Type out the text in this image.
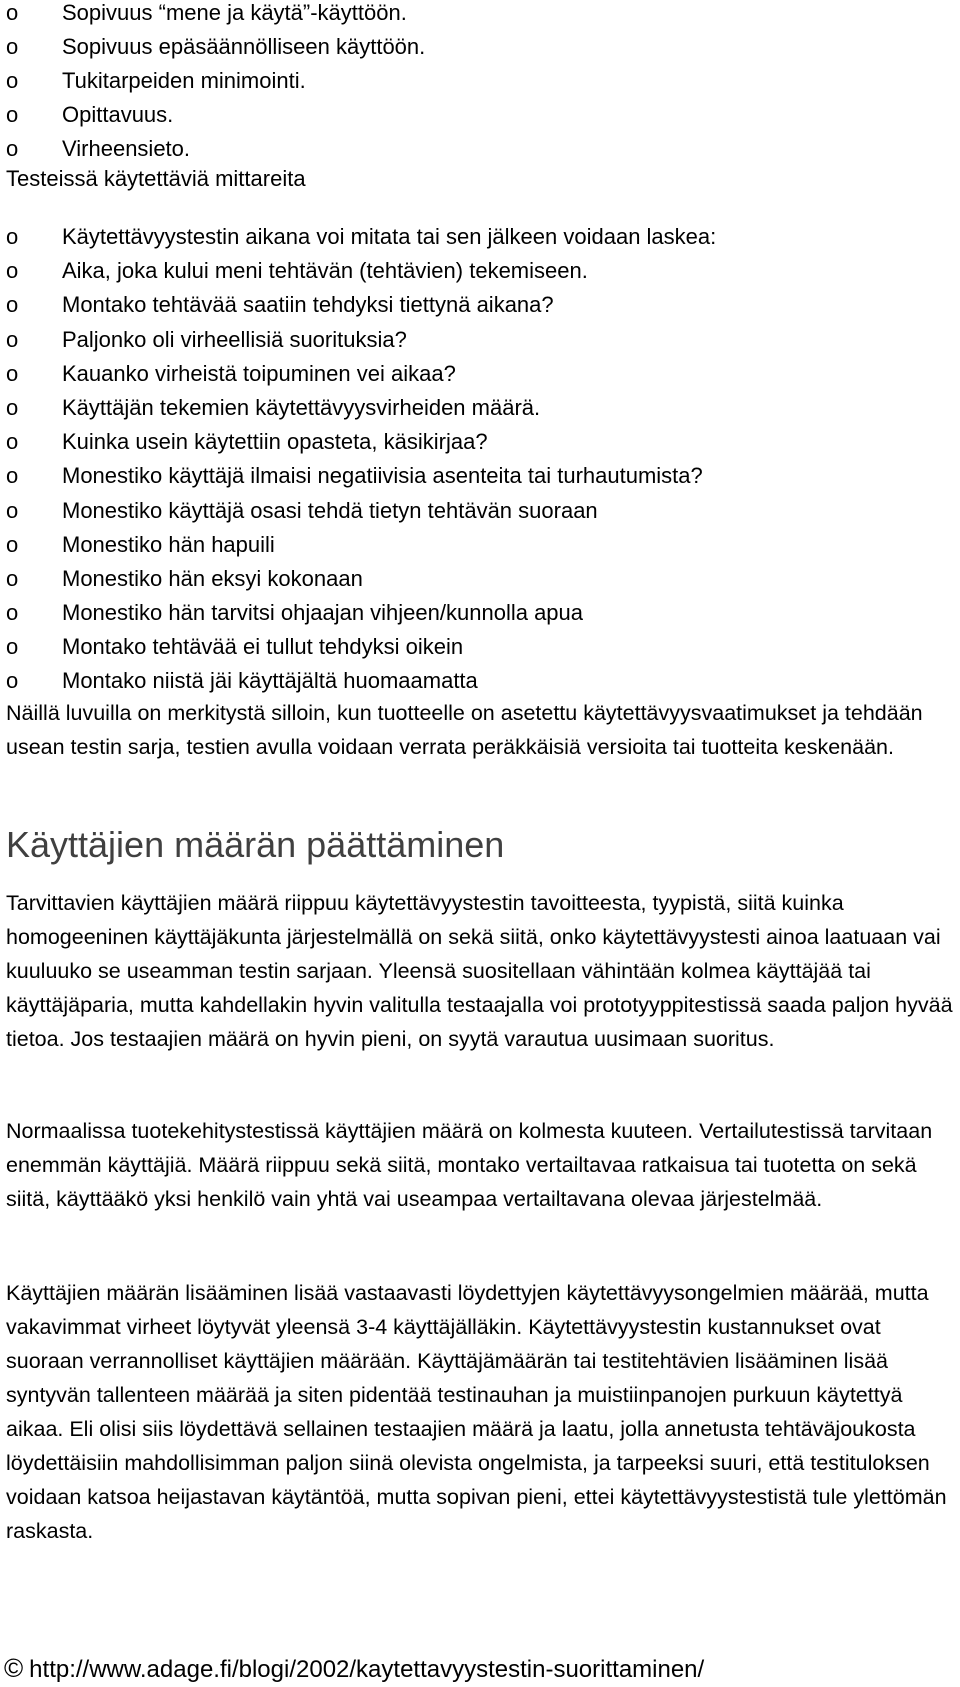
o	Sopivuus “mene ja käytä”-käyttöön.
o	Sopivuus epäsäännölliseen käyttöön.
o	Tukitarpeiden minimointi.
o	Opittavuus.
o	Virheensieto.
Testeissä käytettäviä mittareita
o	Käytettävyystestin aikana voi mitata tai sen jälkeen voidaan laskea:
o	Aika, joka kului meni tehtävän (tehtävien) tekemiseen.
o	Montako tehtävää saatiin tehdyksi tiettynä aikana?
o	Paljonko oli virheellisiä suorituksia?
o	Kauanko virheistä toipuminen vei aikaa?
o	Käyttäjän tekemien käytettävyysvirheiden määrä.
o	Kuinka usein käytettiin opasteta, käsikirjaa?
o	Monestiko käyttäjä ilmaisi negatiivisia asenteita tai turhautumista?
o	Monestiko käyttäjä osasi tehdä tietyn tehtävän suoraan
o	Monestiko hän hapuili
o	Monestiko hän eksyi kokonaan
o	Monestiko hän tarvitsi ohjaajan vihjeen/kunnolla apua
o	Montako tehtävää ei tullut tehdyksi oikein
o	Montako niistä jäi käyttäjältä huomaamatta

Näillä luvuilla on merkitystä silloin, kun tuotteelle on asetettu käytettävyysvaatimukset ja tehdään usean testin sarja, testien avulla voidaan verrata peräkkäisiä versioita tai tuotteita keskenään.

Käyttäjien määrän päättäminen

Tarvittavien käyttäjien määrä riippuu käytettävyystestin tavoitteesta, tyypistä, siitä kuinka homogeeninen käyttäjäkunta järjestelmällä on sekä siitä, onko käytettävyystesti ainoa laatuaan vai kuuluuko se useamman testin sarjaan. Yleensä suositellaan vähintään kolmea käyttäjää tai käyttäjäparia, mutta kahdellakin hyvin valitulla testaajalla voi prototyyppitestissä saada paljon hyvää tietoa. Jos testaajien määrä on hyvin pieni, on syytä varautua uusimaan suoritus.

Normaalissa tuotekehitystestissä käyttäjien määrä on kolmesta kuuteen. Vertailutestissä tarvitaan enemmän käyttäjiä. Määrä riippuu sekä siitä, montako vertailtavaa ratkaisua tai tuotetta on sekä siitä, käyttääkö yksi henkilö vain yhtä vai useampaa vertailtavana olevaa järjestelmää.

Käyttäjien määrän lisääminen lisää vastaavasti löydettyjen käytettävyysongelmien määrää, mutta vakavimmat virheet löytyvät yleensä 3-4 käyttäjälläkin. Käytettävyystestin kustannukset ovat suoraan verrannolliset käyttäjien määrään. Käyttäjämäärän tai testitehtävien lisääminen lisää syntyvän tallenteen määrää ja siten pidentää testinauhan ja muistiinpanojen purkuun käytettyä aikaa. Eli olisi siis löydettävä sellainen testaajien määrä ja laatu, jolla annetusta tehtäväjoukosta löydettäisiin mahdollisimman paljon siinä olevista ongelmista, ja tarpeeksi suuri, että testituloksen voidaan katsoa heijastavan käytäntöä, mutta sopivan pieni, ettei käytettävyystestistä tule ylettömän raskasta.

© http://www.adage.fi/blogi/2002/kaytettavyystestin-suorittaminen/
